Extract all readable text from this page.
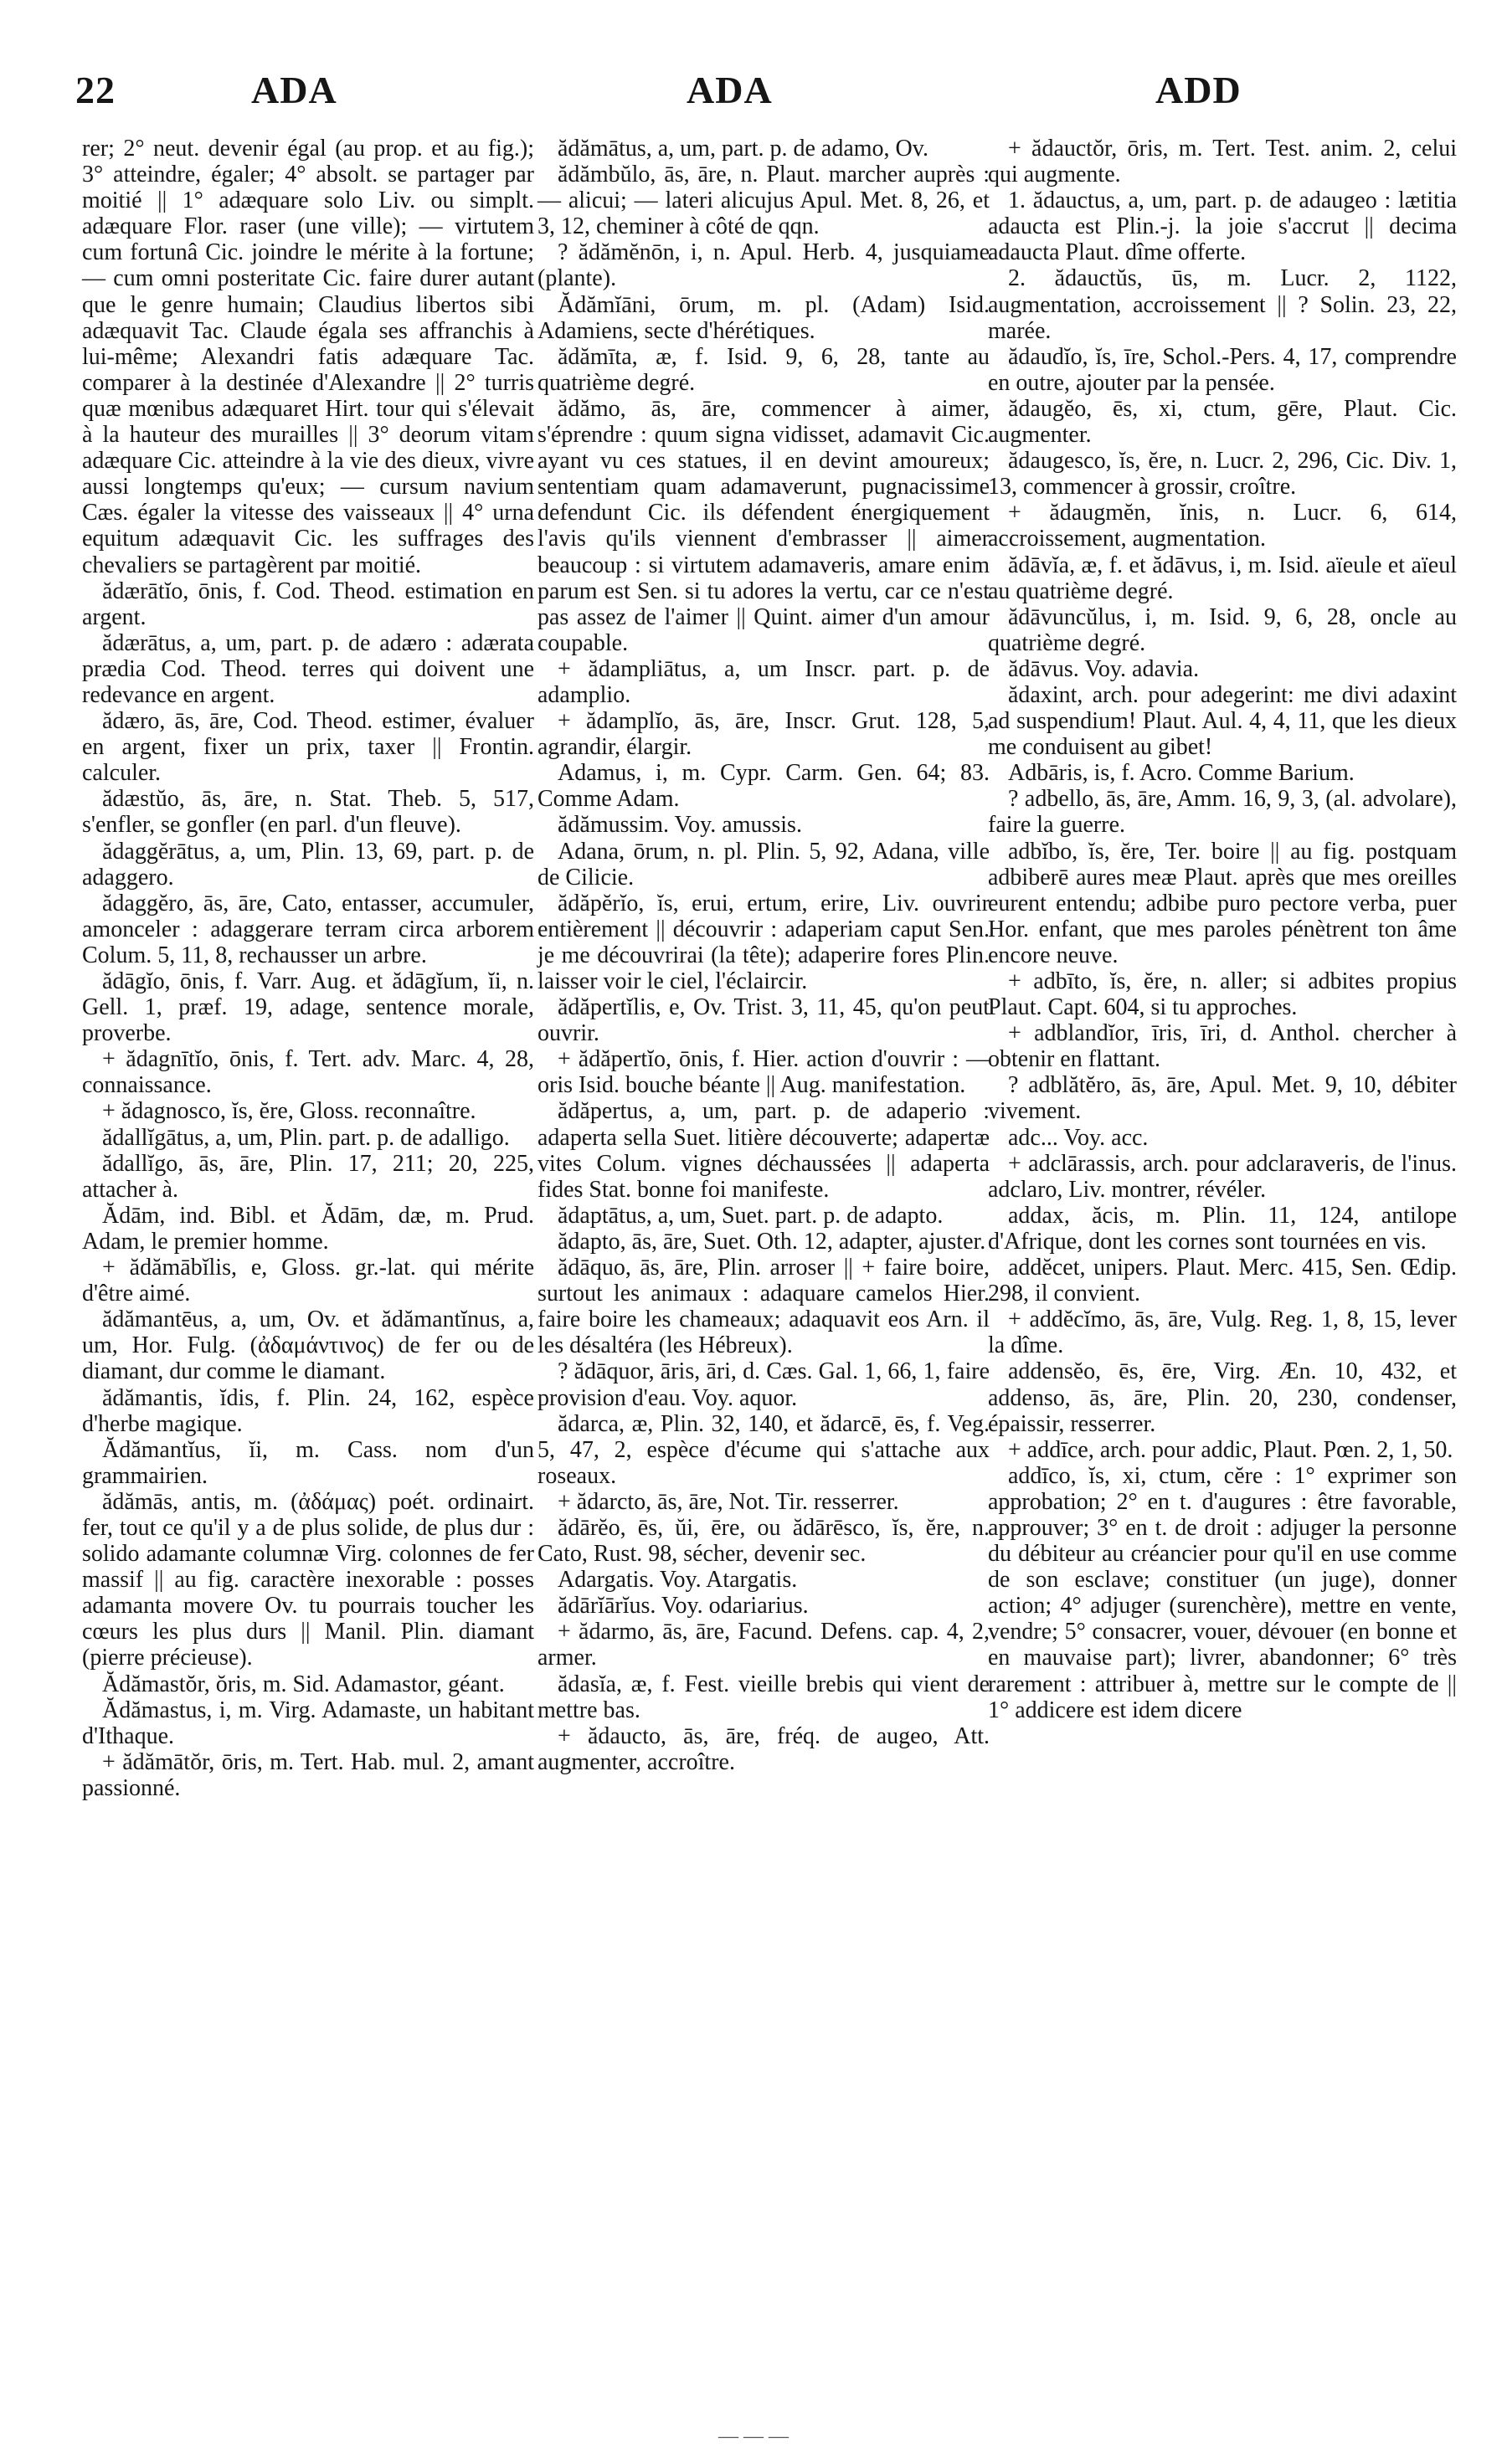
22	ADA	ADA	ADD

rer; 2° neut. devenir égal (au prop. et au fig.); 3° atteindre, égaler; 4° absolt. se partager par moitié || 1° adæquare solo Liv. ou simplt. adæquare Flor. raser (une ville); — virtutem cum fortunâ Cic. joindre le mérite à la fortune; — cum omni posteritate Cic. faire durer autant que le genre humain; Claudius libertos sibi adæquavit Tac. Claude égala ses affranchis à lui-même; Alexandri fatis adæquare Tac. comparer à la destinée d'Alexandre || 2° turris quæ mœnibus adæquaret Hirt. tour qui s'élevait à la hauteur des murailles || 3° deorum vitam adæquare Cic. atteindre à la vie des dieux, vivre aussi longtemps qu'eux; — cursum navium Cæs. égaler la vitesse des vaisseaux || 4° urna equitum adæquavit Cic. les suffrages des chevaliers se partagèrent par moitié.

ădærātĭo, ōnis, f. Cod. Theod. estimation en argent.

ădærātus, a, um, part. p. de adæro : adærata prædia Cod. Theod. terres qui doivent une redevance en argent.

ădæro, ās, āre, Cod. Theod. estimer, évaluer en argent, fixer un prix, taxer || Frontin. calculer.

ădæstŭo, ās, āre, n. Stat. Theb. 5, 517, s'enfler, se gonfler (en parl. d'un fleuve).

ădaggĕrātus, a, um, Plin. 13, 69, part. p. de adaggero.

ădaggĕro, ās, āre, Cato, entasser, accumuler, amonceler : adaggerare terram circa arborem Colum. 5, 11, 8, rechausser un arbre.

ădāgĭo, ōnis, f. Varr. Aug. et ădāgĭum, ĭi, n. Gell. 1, præf. 19, adage, sentence morale, proverbe.

+ ădagnītĭo, ōnis, f. Tert. adv. Marc. 4, 28, connaissance.

+ ădagnosco, ĭs, ĕre, Gloss. reconnaître.

ădallĭgātus, a, um, Plin. part. p. de adalligo.

ădallĭgo, ās, āre, Plin. 17, 211; 20, 225, attacher à.

Ădām, ind. Bibl. et Ădām, dæ, m. Prud. Adam, le premier homme.

+ ădămābĭlis, e, Gloss. gr.-lat. qui mérite d'être aimé.

ădămantēus, a, um, Ov. et ădămantĭnus, a, um, Hor. Fulg. (ἀδαμάντινος) de fer ou de diamant, dur comme le diamant.

ădămantis, ĭdis, f. Plin. 24, 162, espèce d'herbe magique.

Ădămantĭus, ĭi, m. Cass. nom d'un grammairien.

ădămās, antis, m. (ἀδάμας) poét. ordinairt. fer, tout ce qu'il y a de plus solide, de plus dur : solido adamante columnæ Virg. colonnes de fer massif || au fig. caractère inexorable : posses adamanta movere Ov. tu pourrais toucher les cœurs les plus durs || Manil. Plin. diamant (pierre précieuse).

Ădămastŏr, ŏris, m. Sid. Adamastor, géant.

Ădămastus, i, m. Virg. Adamaste, un habitant d'Ithaque.

+ ădămātŏr, ōris, m. Tert. Hab. mul. 2, amant passionné.

ădămātus, a, um, part. p. de adamo, Ov.

ădămbŭlo, ās, āre, n. Plaut. marcher auprès : — alicui; — lateri alicujus Apul. Met. 8, 26, et 3, 12, cheminer à côté de qqn.

? ădămĕnōn, i, n. Apul. Herb. 4, jusquiame (plante).

Ădămĭāni, ōrum, m. pl. (Adam) Isid. Adamiens, secte d'hérétiques.

ădămīta, æ, f. Isid. 9, 6, 28, tante au quatrième degré.

ădămo, ās, āre, commencer à aimer, s'éprendre : quum signa vidisset, adamavit Cic. ayant vu ces statues, il en devint amoureux; sententiam quam adamaverunt, pugnacissime defendunt Cic. ils défendent énergiquement l'avis qu'ils viennent d'embrasser || aimer beaucoup : si virtutem adamaveris, amare enim parum est Sen. si tu adores la vertu, car ce n'est pas assez de l'aimer || Quint. aimer d'un amour coupable.

+ ădampliātus, a, um Inscr. part. p. de adamplio.

+ ădamplĭo, ās, āre, Inscr. Grut. 128, 5, agrandir, élargir.

Adamus, i, m. Cypr. Carm. Gen. 64; 83. Comme Adam.

ădămussim. Voy. amussis.

Adana, ōrum, n. pl. Plin. 5, 92, Adana, ville de Cilicie.

ădăpĕrĭo, ĭs, erui, ertum, erire, Liv. ouvrir entièrement || découvrir : adaperiam caput Sen. je me découvrirai (la tête); adaperire fores Plin. laisser voir le ciel, l'éclaircir.

ădăpertĭlis, e, Ov. Trist. 3, 11, 45, qu'on peut ouvrir.

+ ădăpertĭo, ōnis, f. Hier. action d'ouvrir : — oris Isid. bouche béante || Aug. manifestation.

ădăpertus, a, um, part. p. de adaperio : adaperta sella Suet. litière découverte; adapertæ vites Colum. vignes déchaussées || adaperta fides Stat. bonne foi manifeste.

ădaptātus, a, um, Suet. part. p. de adapto.

ădapto, ās, āre, Suet. Oth. 12, adapter, ajuster.

ădāquo, ās, āre, Plin. arroser || + faire boire, surtout les animaux : adaquare camelos Hier. faire boire les chameaux; adaquavit eos Arn. il les désaltéra (les Hébreux).

? ădāquor, āris, āri, d. Cæs. Gal. 1, 66, 1, faire provision d'eau. Voy. aquor.

ădarca, æ, Plin. 32, 140, et ădarcē, ēs, f. Veg. 5, 47, 2, espèce d'écume qui s'attache aux roseaux.

+ ădarcto, ās, āre, Not. Tir. resserrer.

ădārĕo, ēs, ŭi, ēre, ou ădārēsco, ĭs, ĕre, n. Cato, Rust. 98, sécher, devenir sec.

Adargatis. Voy. Atargatis.

ădārĭārĭus. Voy. odariarius.

+ ădarmo, ās, āre, Facund. Defens. cap. 4, 2, armer.

ădasĭa, æ, f. Fest. vieille brebis qui vient de mettre bas.

+ ădaucto, ās, āre, fréq. de augeo, Att. augmenter, accroître.

+ ădauctŏr, ōris, m. Tert. Test. anim. 2, celui qui augmente.

1. ădauctus, a, um, part. p. de adaugeo : lætitia adaucta est Plin.-j. la joie s'accrut || decima adaucta Plaut. dîme offerte.

2. ădauctŭs, ūs, m. Lucr. 2, 1122, augmentation, accroissement || ? Solin. 23, 22, marée.

ădaudĭo, ĭs, īre, Schol.-Pers. 4, 17, comprendre en outre, ajouter par la pensée.

ădaugĕo, ēs, xi, ctum, gēre, Plaut. Cic. augmenter.

ădaugesco, ĭs, ĕre, n. Lucr. 2, 296, Cic. Div. 1, 13, commencer à grossir, croître.

+ ădaugmĕn, ĭnis, n. Lucr. 6, 614, accroissement, augmentation.

ădāvĭa, æ, f. et ădāvus, i, m. Isid. aïeule et aïeul au quatrième degré.

ădāvuncŭlus, i, m. Isid. 9, 6, 28, oncle au quatrième degré.

ădāvus. Voy. adavia.

ădaxint, arch. pour adegerint: me divi adaxint ad suspendium! Plaut. Aul. 4, 4, 11, que les dieux me conduisent au gibet!

Adbāris, is, f. Acro. Comme Barium.

? adbello, ās, āre, Amm. 16, 9, 3, (al. advolare), faire la guerre.

adbĭbo, ĭs, ĕre, Ter. boire || au fig. postquam adbiberē aures meæ Plaut. après que mes oreilles eurent entendu; adbibe puro pectore verba, puer Hor. enfant, que mes paroles pénètrent ton âme encore neuve.

+ adbīto, ĭs, ĕre, n. aller; si adbites propius Plaut. Capt. 604, si tu approches.

+ adblandĭor, īris, īri, d. Anthol. chercher à obtenir en flattant.

? adblătĕro, ās, āre, Apul. Met. 9, 10, débiter vivement.

adc... Voy. acc.

+ adclārassis, arch. pour adclaraveris, de l'inus. adclaro, Liv. montrer, révéler.

addax, ăcis, m. Plin. 11, 124, antilope d'Afrique, dont les cornes sont tournées en vis.

addĕcet, unipers. Plaut. Merc. 415, Sen. Œdip. 298, il convient.

+ addĕcĭmo, ās, āre, Vulg. Reg. 1, 8, 15, lever la dîme.

addensĕo, ēs, ēre, Virg. Æn. 10, 432, et addenso, ās, āre, Plin. 20, 230, condenser, épaissir, resserrer.

+ addīce, arch. pour addic, Plaut. Pœn. 2, 1, 50.

addīco, ĭs, xi, ctum, cĕre : 1° exprimer son approbation; 2° en t. d'augures : être favorable, approuver; 3° en t. de droit : adjuger la personne du débiteur au créancier pour qu'il en use comme de son esclave; constituer (un juge), donner action; 4° adjuger (surenchère), mettre en vente, vendre; 5° consacrer, vouer, dévouer (en bonne et en mauvaise part); livrer, abandonner; 6° très rarement : attribuer à, mettre sur le compte de || 1° addicere est idem dicere

— — —
